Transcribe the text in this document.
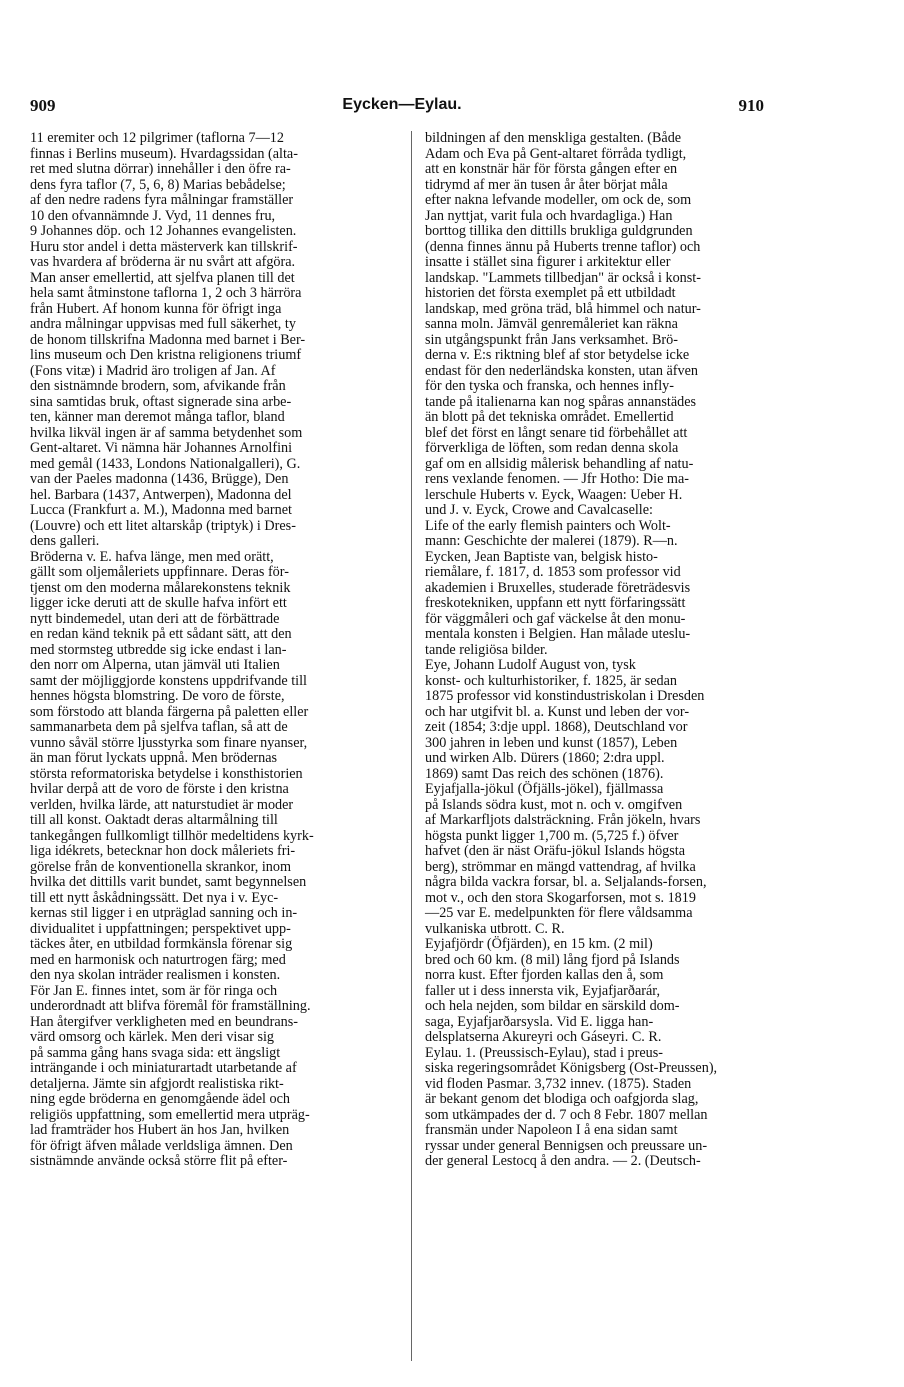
909	Eycken—Eylau.	910
11 eremiter och 12 pilgrimer (taflorna 7—12
finnas i Berlins museum). Hvardagssidan (alta-
ret med slutna dörrar) innehåller i den öfre ra-
dens fyra taflor (7, 5, 6, 8) Marias bebådelse;
af den nedre radens fyra målningar framställer
10 den ofvannämnde J. Vyd, 11 dennes fru,
9 Johannes döp. och 12 Johannes evangelisten.
Huru stor andel i detta mästerverk kan tillskrif-
vas hvardera af bröderna är nu svårt att afgöra.
Man anser emellertid, att sjelfva planen till det
hela samt åtminstone taflorna 1, 2 och 3 härröra
från Hubert. Af honom kunna för öfrigt inga
andra målningar uppvisas med full säkerhet, ty
de honom tillskrifna Madonna med barnet i Ber-
lins museum och Den kristna religionens triumf
(Fons vitæ) i Madrid äro troligen af Jan. Af
den sistnämnde brodern, som, afvikande från
sina samtidas bruk, oftast signerade sina arbe-
ten, känner man deremot många taflor, bland
hvilka likväl ingen är af samma betydenhet som
Gent-altaret. Vi nämna här Johannes Arnolfini
med gemål (1433, Londons Nationalgalleri), G.
van der Paeles madonna (1436, Brügge), Den
hel. Barbara (1437, Antwerpen), Madonna del
Lucca (Frankfurt a. M.), Madonna med barnet
(Louvre) och ett litet altarskåp (triptyk) i Dres-
dens galleri.
Bröderna v. E. hafva länge, men med orätt,
gällt som oljemåleriets uppfinnare. Deras för-
tjenst om den moderna målarekonstens teknik
ligger icke deruti att de skulle hafva infört ett
nytt bindemedel, utan deri att de förbättrade
en redan känd teknik på ett sådant sätt, att den
med stormsteg utbredde sig icke endast i lan-
den norr om Alperna, utan jämväl uti Italien
samt der möjliggjorde konstens uppdrifvande till
hennes högsta blomstring. De voro de förste,
som förstodo att blanda färgerna på paletten eller
sammanarbeta dem på sjelfva taflan, så att de
vunno såväl större ljusstyrka som finare nyanser,
än man förut lyckats uppnå. Men brödernas
största reformatoriska betydelse i konsthistorien
hvilar derpå att de voro de förste i den kristna
verlden, hvilka lärde, att naturstudiet är moder
till all konst. Oaktadt deras altarmålning till
tankegången fullkomligt tillhör medeltidens kyrk-
liga idékrets, betecknar hon dock måleriets fri-
görelse från de konventionella skrankor, inom
hvilka det dittills varit bundet, samt begynnelsen
till ett nytt åskådningssätt. Det nya i v. Eyc-
kernas stil ligger i en utpräglad sanning och in-
dividualitet i uppfattningen; perspektivet upp-
täckes åter, en utbildad formkänsla förenar sig
med en harmonisk och naturtrogen färg; med
den nya skolan inträder realismen i konsten.
För Jan E. finnes intet, som är för ringa och
underordnadt att blifva föremål för framställning.
Han återgifver verkligheten med en beundrans-
värd omsorg och kärlek. Men deri visar sig
på samma gång hans svaga sida: ett ängsligt
inträngande i och miniaturartadt utarbetande af
detaljerna. Jämte sin afgjordt realistiska rikt-
ning egde bröderna en genomgående ädel och
religiös uppfattning, som emellertid mera utpräg-
lad framträder hos Hubert än hos Jan, hvilken
för öfrigt äfven målade verldsliga ämnen. Den
sistnämnde använde också större flit på efter-
bildningen af den menskliga gestalten. (Både
Adam och Eva på Gent-altaret förråda tydligt,
att en konstnär här för första gången efter en
tidrymd af mer än tusen år åter börjat måla
efter nakna lefvande modeller, om ock de, som
Jan nyttjat, varit fula och hvardagliga.) Han
borttog tillika den dittills brukliga guldgrunden
(denna finnes ännu på Huberts trenne taflor) och
insatte i stället sina figurer i arkitektur eller
landskap. "Lammets tillbedjan" är också i konst-
historien det första exemplet på ett utbildadt
landskap, med gröna träd, blå himmel och natur-
sanna moln. Jämväl genremåleriet kan räkna
sin utgångspunkt från Jans verksamhet. Brö-
derna v. E:s riktning blef af stor betydelse icke
endast för den nederländska konsten, utan äfven
för den tyska och franska, och hennes infly-
tande på italienarna kan nog spåras annanstädes
än blott på det tekniska området. Emellertid
blef det först en långt senare tid förbehållet att
förverkliga de löften, som redan denna skola
gaf om en allsidig målerisk behandling af natu-
rens vexlande fenomen. — Jfr Hotho: Die ma-
lerschule Huberts v. Eyck, Waagen: Ueber H.
und J. v. Eyck, Crowe and Cavalcaselle:
Life of the early flemish painters och Wolt-
mann: Geschichte der malerei (1879). R—n.
Eycken, Jean Baptiste van, belgisk histo-
riemålare, f. 1817, d. 1853 som professor vid
akademien i Bruxelles, studerade företrädesvis
freskotekniken, uppfann ett nytt förfaringssätt
för väggmåleri och gaf väckelse åt den monu-
mentala konsten i Belgien. Han målade uteslu-
tande religiösa bilder.
Eye, Johann Ludolf August von, tysk
konst- och kulturhistoriker, f. 1825, är sedan
1875 professor vid konstindustriskolan i Dresden
och har utgifvit bl. a. Kunst und leben der vor-
zeit (1854; 3:dje uppl. 1868), Deutschland vor
300 jahren in leben und kunst (1857), Leben
und wirken Alb. Dürers (1860; 2:dra uppl.
1869) samt Das reich des schönen (1876).
Eyjafjalla-jökul (Öfjälls-jökel), fjällmassa
på Islands södra kust, mot n. och v. omgifven
af Markarfljots dalsträckning. Från jökeln, hvars
högsta punkt ligger 1,700 m. (5,725 f.) öfver
hafvet (den är näst Oräfu-jökul Islands högsta
berg), strömmar en mängd vattendrag, af hvilka
några bilda vackra forsar, bl. a. Seljalands-forsen,
mot v., och den stora Skogarforsen, mot s. 1819
—25 var E. medelpunkten för flere våldsamma
vulkaniska utbrott. C. R.
Eyjafjördr (Öfjärden), en 15 km. (2 mil)
bred och 60 km. (8 mil) lång fjord på Islands
norra kust. Efter fjorden kallas den å, som
faller ut i dess innersta vik, Eyjafjarðarár,
och hela nejden, som bildar en särskild dom-
saga, Eyjafjarðarsysla. Vid E. ligga han-
delsplatserna Akureyri och Gáseyri. C. R.
Eylau. 1. (Preussisch-Eylau), stad i preus-
siska regeringsområdet Königsberg (Ost-Preussen),
vid floden Pasmar. 3,732 innev. (1875). Staden
är bekant genom det blodiga och oafgjorda slag,
som utkämpades der d. 7 och 8 Febr. 1807 mellan
fransmän under Napoleon I å ena sidan samt
ryssar under general Bennigsen och preussare un-
der general Lestocq å den andra. — 2. (Deutsch-
